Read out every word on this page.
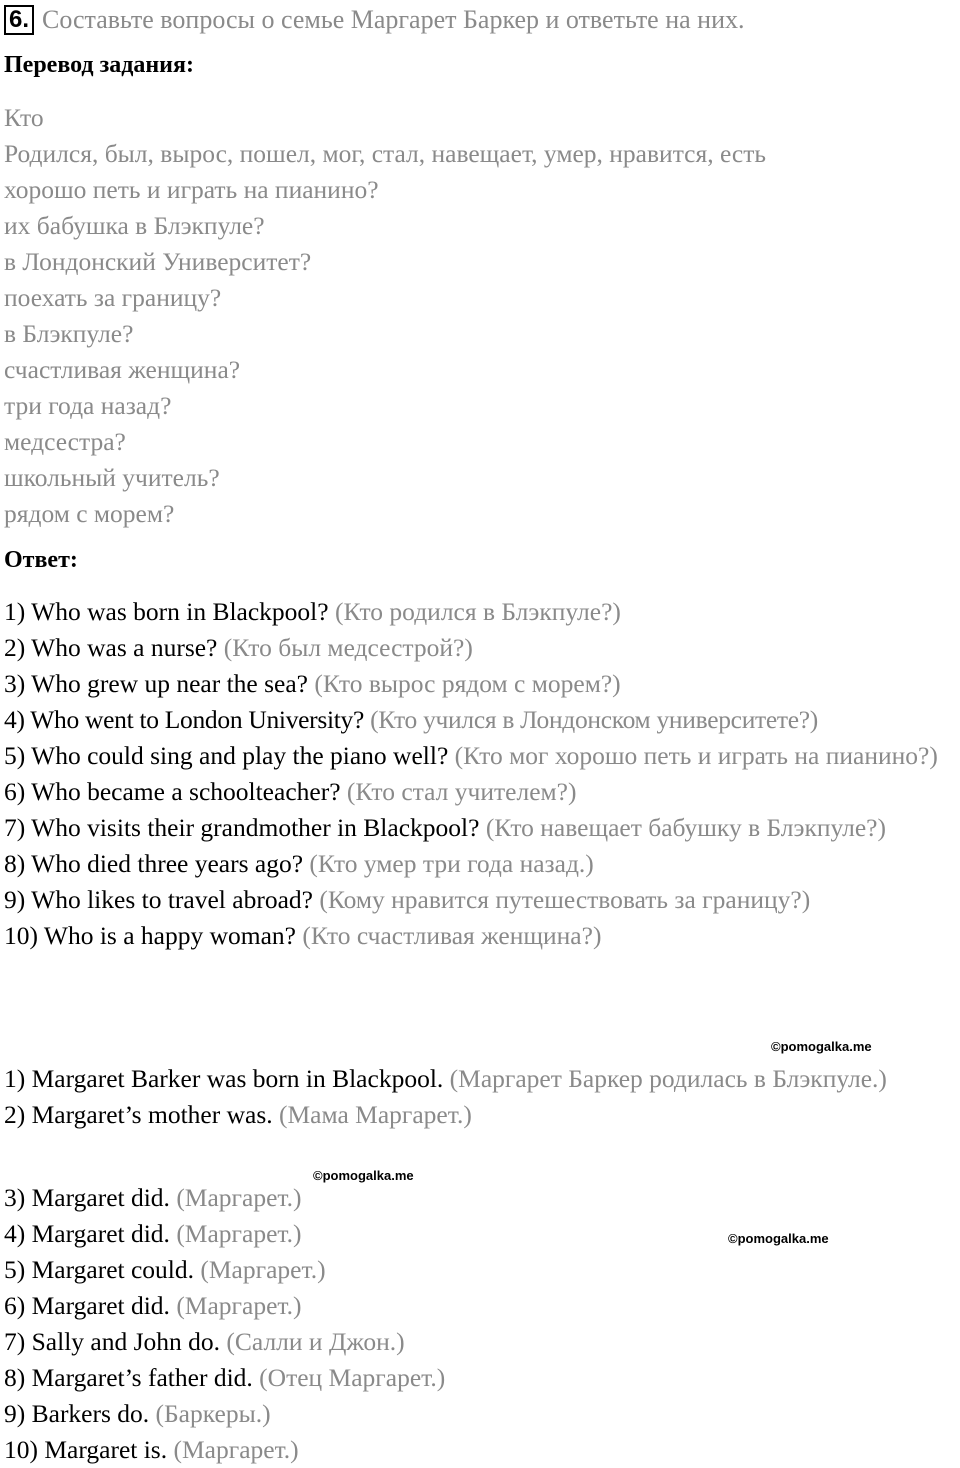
6. Составьте вопросы о семье Маргарет Баркер и ответьте на них.
Перевод задания:
Кто
Родился, был, вырос, пошел, мог, стал, навещает, умер, нравится, есть
хорошо петь и играть на пианино?
их бабушка в Блэкпуле?
в Лондонский Университет?
поехать за границу?
в Блэкпуле?
счастливая женщина?
три года назад?
медсестра?
школьный учитель?
рядом с морем?
Ответ:
1) Who was born in Blackpool? (Кто родился в Блэкпуле?)
2) Who was a nurse? (Кто был медсестрой?)
3) Who grew up near the sea? (Кто вырос рядом с морем?)
4) Who went to London University? (Кто учился в Лондонском университете?)
5) Who could sing and play the piano well? (Кто мог хорошо петь и играть на пианино?)
6) Who became a schoolteacher? (Кто стал учителем?)
7) Who visits their grandmother in Blackpool? (Кто навещает бабушку в Блэкпуле?)
8) Who died three years ago? (Кто умер три года назад.)
9) Who likes to travel abroad? (Кому нравится путешествовать за границу?)
10) Who is a happy woman? (Кто счастливая женщина?)
©pomogalka.me
1) Margaret Barker was born in Blackpool. (Маргарет Баркер родилась в Блэкпуле.)
2) Margaret’s mother was. (Мама Маргарет.)
©pomogalka.me
3) Margaret did. (Маргарет.)
4) Margaret did. (Маргарет.)
5) Margaret could. (Маргарет.)
6) Margaret did. (Маргарет.)
7) Sally and John do. (Салли и Джон.)
8) Margaret’s father did. (Отец Маргарет.)
9) Barkers do. (Баркеры.)
10) Margaret is. (Маргарет.)
©pomogalka.me
